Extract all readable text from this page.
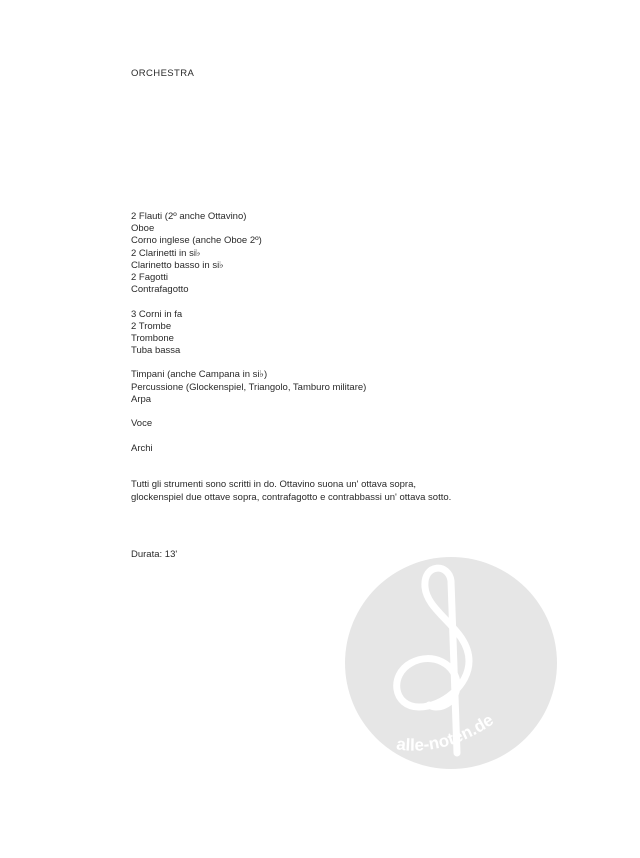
ORCHESTRA
2 Flauti (2º anche Ottavino)
Oboe
Corno inglese (anche Oboe 2º)
2 Clarinetti in si♭
Clarinetto basso in si♭
2 Fagotti
Contrafagotto
3 Corni in fa
2 Trombe
Trombone
Tuba bassa
Timpani (anche Campana in si♭)
Percussione (Glockenspiel, Triangolo, Tamburo militare)
Arpa
Voce
Archi
Tutti gli strumenti sono scritti in do. Ottavino suona un' ottava sopra,
glockenspiel due ottave sopra, contrafagotto e contrabbassi un' ottava sotto.
Durata: 13'
alle-noten.de
